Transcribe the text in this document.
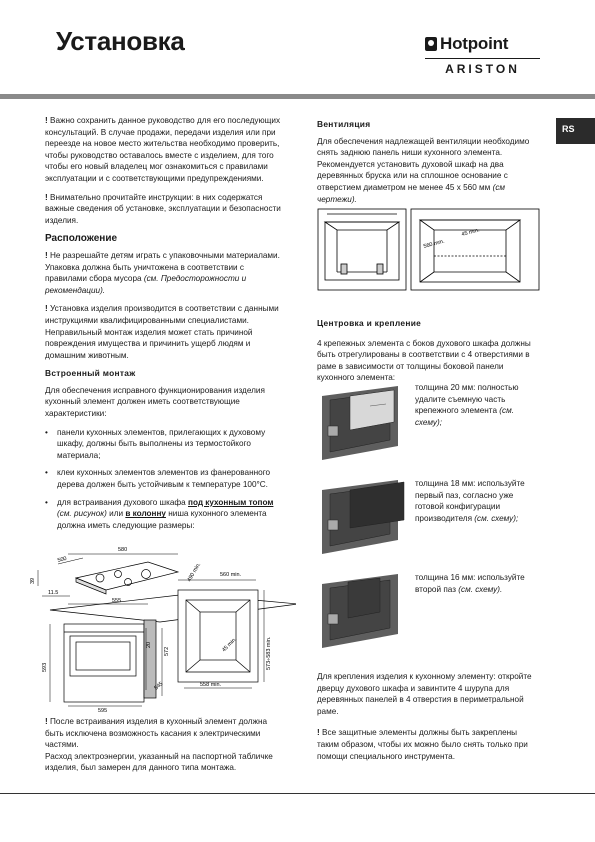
Установка	Hotpoint
ARISTON
RS

! Важно сохранить данное руководство для его последующих консультаций. В случае продажи, передачи изделия или при переезде на новое место жительства необходимо проверить, чтобы руководство оставалось вместе с изделием, для того чтобы его новый владелец мог ознакомиться с правилами эксплуатации и с соответствующими предупреждениями.

! Внимательно прочитайте инструкции: в них содержатся важные сведения об установке, эксплуатации и безопасности изделия.

Расположение

! Не разрешайте детям играть с упаковочными материалами. Упаковка должна быть уничтожена в соответствии с правилами сбора мусора (см. Предосторожности и рекомендации).

! Установка изделия производится в соответствии с данными инструкциями квалифицированными специалистами. Неправильный монтаж изделия может стать причиной повреждения имущества и причинить ущерб людям и домашним животным.

Встроенный монтаж

Для обеспечения исправного функционирования изделия кухонный элемент должен иметь соответствующие характеристики:

• панели кухонных элементов, прилегающих к духовому шкафу, должны быть выполнены из термостойкого материала;
• клеи кухонных элементов элементов из фанерованного дерева должен быть устойчивым к температуре 100°С.
• для встраивания духового шкафа под кухонным топом (см. рисунок) или в колонну ниша кухонного элемента должна иметь следующие размеры:
580
500
39
11.5
555
20
572
593
595
545
490 min.	560 min.
45 min.	573÷583 min.
558 min.

! После встраивания изделия в кухонный элемент должна быть исключена возможность касания к электрическими частями.

Расход электроэнергии, указанный на паспортной табличке изделия, был замерен для данного типа монтажа.

Вентиляция

Для обеспечения надлежащей вентиляции необходимо снять заднюю панель ниши кухонного элемента. Рекомендуется установить духовой шкаф на два деревянных бруска или на сплошное основание с отверстием диаметром не менее 45 х 560 мм (см чертежи).

560 mm.
45 mm.
Центровка и крепление

4 крепежных элемента с боков духового шкафа должны быть отрегулированы в соответствии с 4 отверстиями в раме в зависимости от толщины боковой панели кухонного элемента:

толщина 20 мм: полностью удалите съемную часть крепежного элемента (см. схему);
толщина 18 мм: используйте первый паз, согласно уже готовой конфигурации производителя (см. схему);
толщина 16 мм: используйте второй паз (см. схему).

Для крепления изделия к кухонному элементу: откройте дверцу духового шкафа и завинтите 4 шурупа для деревянных панелей в 4 отверстия в периметральной раме.

! Все защитные элементы должны быть закреплены таким образом, чтобы их можно было снять только при помощи специального инструмента.
